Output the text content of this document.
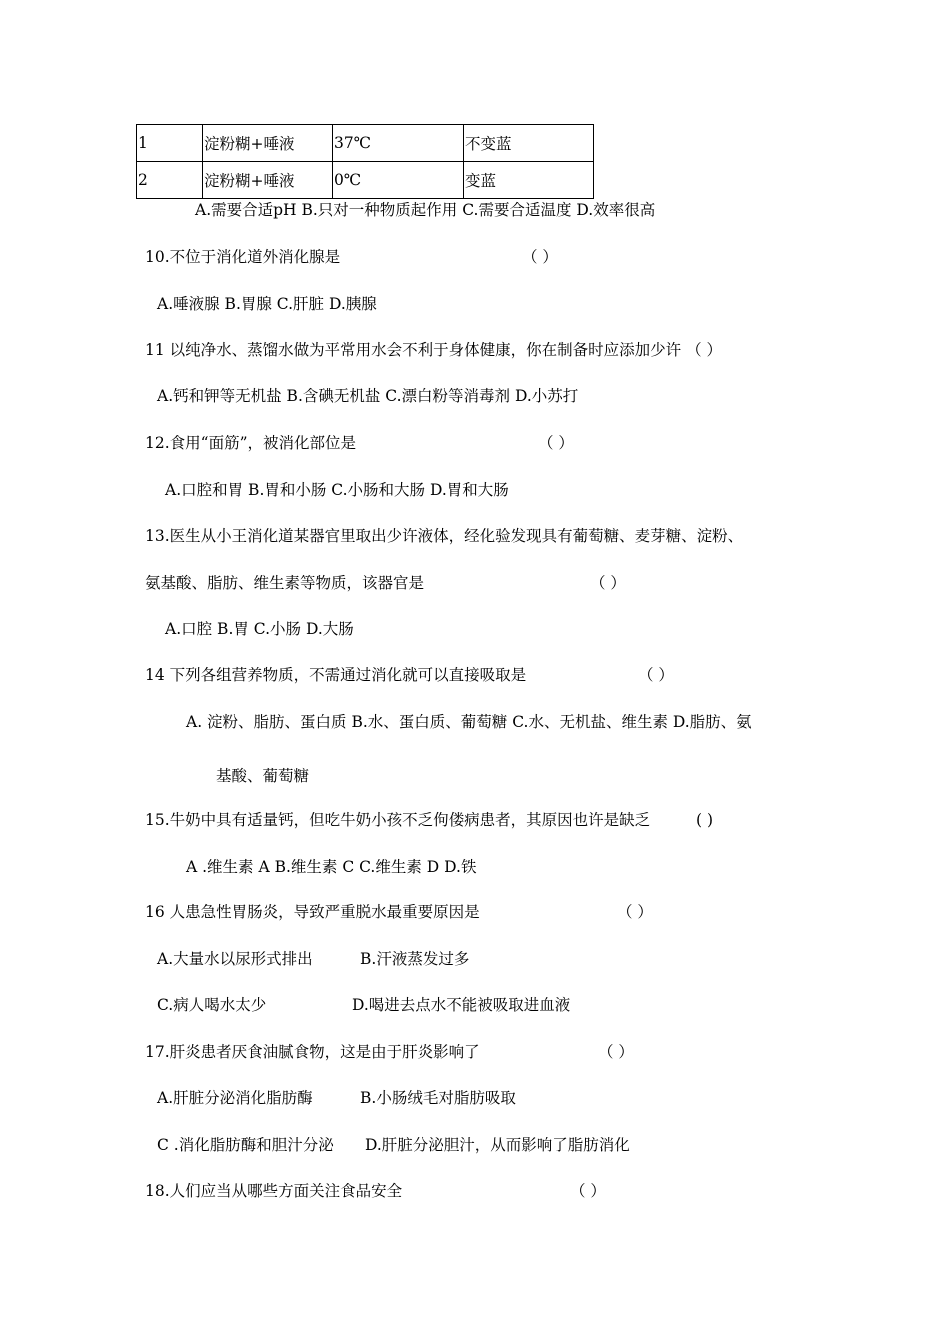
1	淀粉糊+唾液	37℃	不变蓝
2	淀粉糊+唾液	0℃	变蓝
A.需要合适pH B.只对一种物质起作用 C.需要合适温度 D.效率很高
10.不位于消化道外消化腺是	（ ）
A.唾液腺 B.胃腺 C.肝脏 D.胰腺
11 以纯净水、蒸馏水做为平常用水会不利于身体健康，你在制备时应添加少许 （ ）
A.钙和钾等无机盐 B.含碘无机盐 C.漂白粉等消毒剂 D.小苏打
12.食用“面筋”，被消化部位是	（ ）
A.口腔和胃 B.胃和小肠 C.小肠和大肠 D.胃和大肠
13.医生从小王消化道某器官里取出少许液体，经化验发现具有葡萄糖、麦芽糖、淀粉、
氨基酸、脂肪、维生素等物质，该器官是	（ ）
A.口腔 B.胃 C.小肠 D.大肠
14 下列各组营养物质，不需通过消化就可以直接吸取是	（ ）
A. 淀粉、脂肪、蛋白质 B.水、蛋白质、葡萄糖 C.水、无机盐、维生素 D.脂肪、氨
基酸、葡萄糖
15.牛奶中具有适量钙，但吃牛奶小孩不乏佝偻病患者，其原因也许是缺乏	( )
A .维生素 A B.维生素 C C.维生素 D D.铁
16 人患急性胃肠炎，导致严重脱水最重要原因是	（ ）
A.大量水以尿形式排出	B.汗液蒸发过多
C.病人喝水太少	D.喝进去点水不能被吸取进血液
17.肝炎患者厌食油腻食物，这是由于肝炎影响了	（ ）
A.肝脏分泌消化脂肪酶	B.小肠绒毛对脂肪吸取
C .消化脂肪酶和胆汁分泌 D.肝脏分泌胆汁，从而影响了脂肪消化
18.人们应当从哪些方面关注食品安全	（ ）
